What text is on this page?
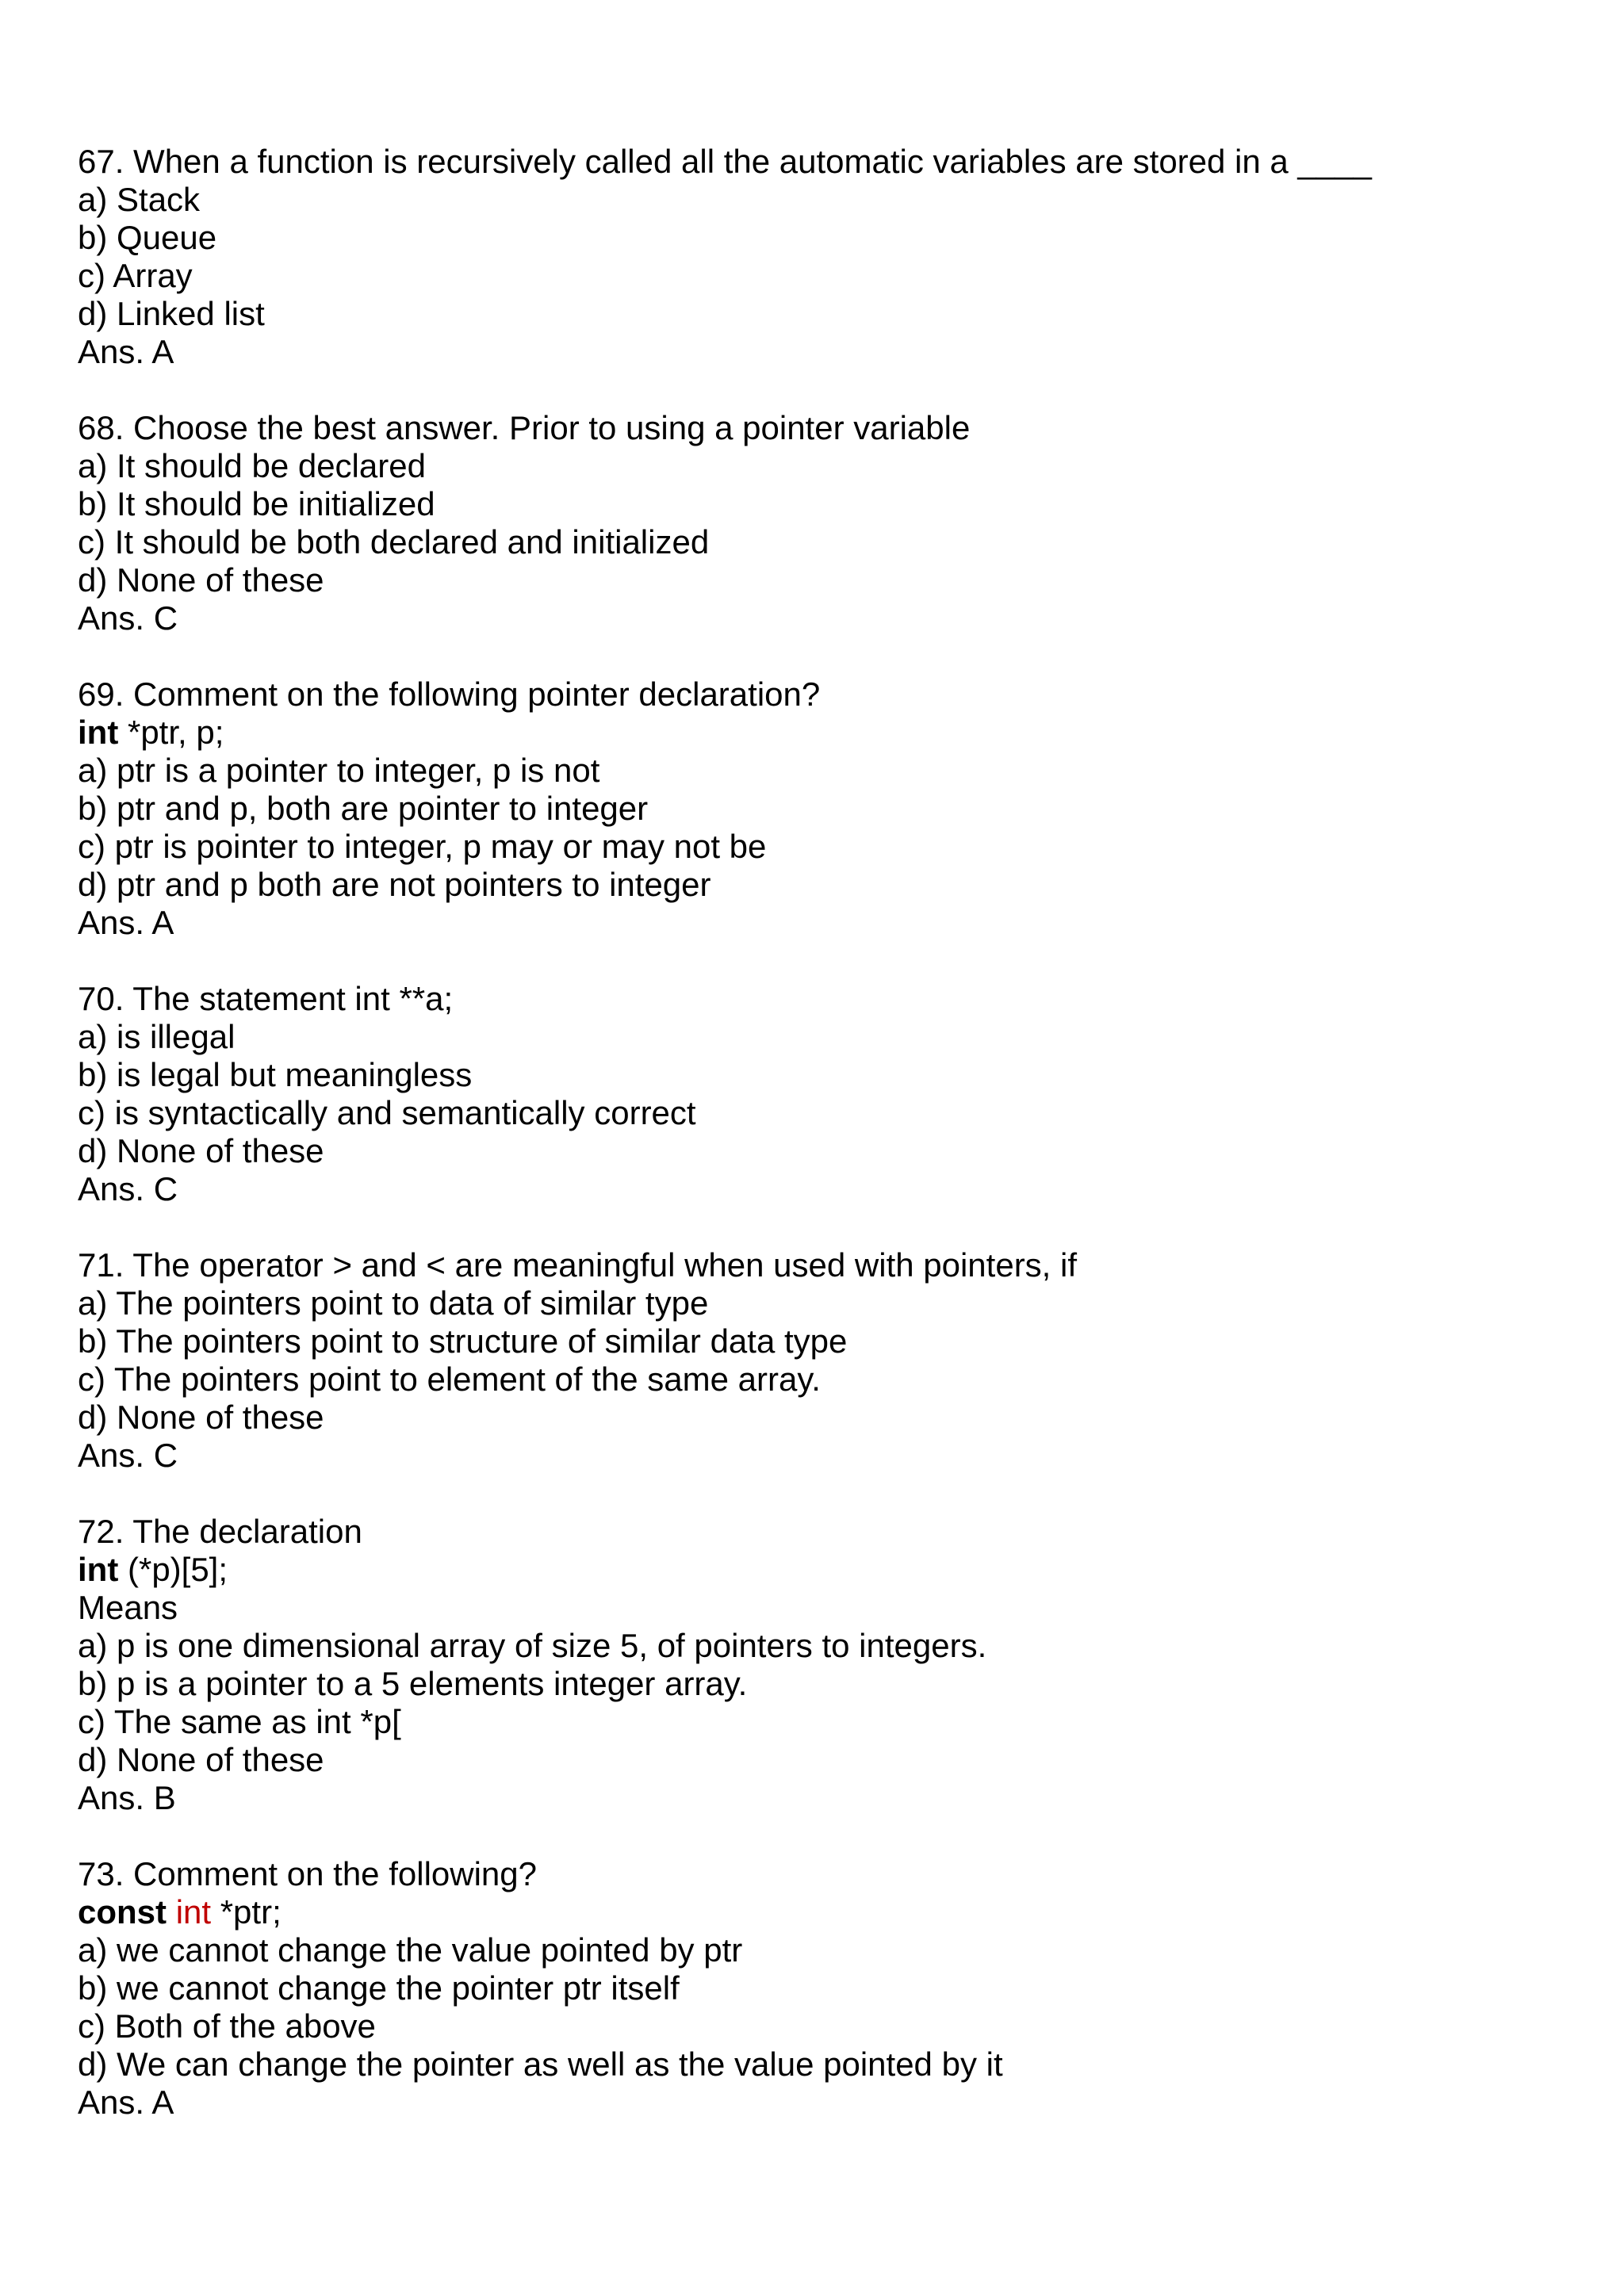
67. When a function is recursively called all the automatic variables are stored in a ____
a) Stack
b) Queue
c) Array
d) Linked list
Ans. A
68. Choose the best answer. Prior to using a pointer variable
a) It should be declared
b) It should be initialized
c) It should be both declared and initialized
d) None of these
Ans. C
69. Comment on the following pointer declaration?
int *ptr, p;
a) ptr is a pointer to integer, p is not
b) ptr and p, both are pointer to integer
c) ptr is pointer to integer, p may or may not be
d) ptr and p both are not pointers to integer
Ans. A
70. The statement int **a;
a) is illegal
b) is legal but meaningless
c) is syntactically and semantically correct
d) None of these
Ans. C
71. The operator > and < are meaningful when used with pointers, if
a) The pointers point to data of similar type
b) The pointers point to structure of similar data type
c) The pointers point to element of the same array.
d) None of these
Ans. C
72. The declaration
int (*p)[5];
Means
a) p is one dimensional array of size 5, of pointers to integers.
b) p is a pointer to a 5 elements integer array.
c) The same as int *p[
d) None of these
Ans. B
73. Comment on the following?
const int *ptr;
a) we cannot change the value pointed by ptr
b) we cannot change the pointer ptr itself
c) Both of the above
d) We can change the pointer as well as the value pointed by it
Ans. A
